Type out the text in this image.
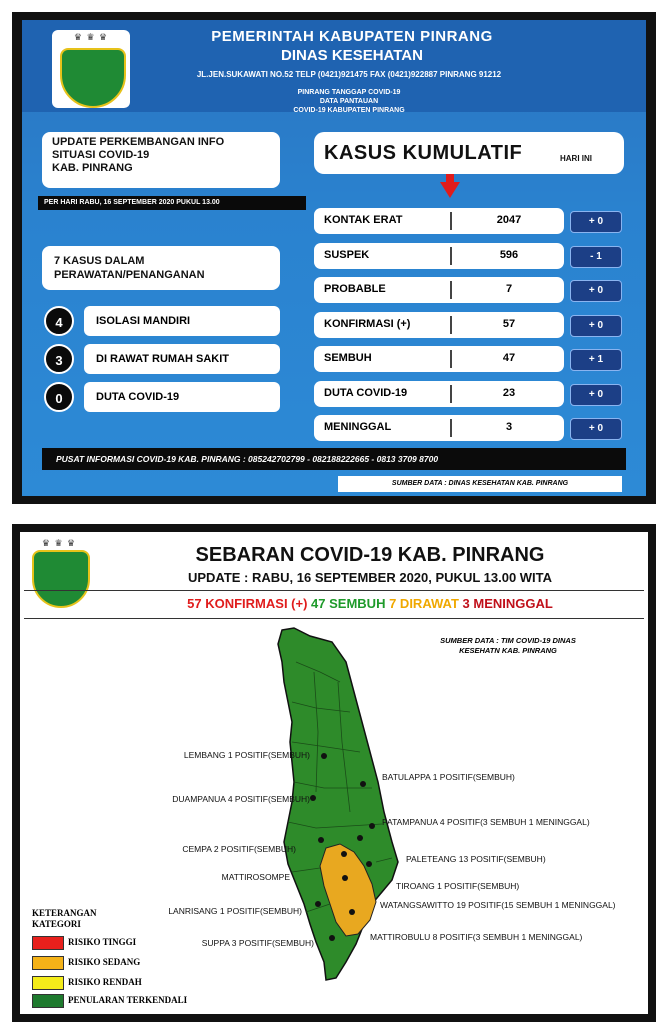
♛ ♛ ♛	PEMERINTAH KABUPATEN PINRANG
DINAS KESEHATAN
JL.JEN.SUKAWATI NO.52 TELP (0421)921475 FAX (0421)922887 PINRANG 91212
PINRANG TANGGAP COVID-19
DATA PANTAUAN
COVID-19 KABUPATEN PINRANG
UPDATE PERKEMBANGAN INFO
SITUASI COVID-19
KAB. PINRANG
PER HARI RABU, 16 SEPTEMBER 2020 PUKUL 13.00
KASUS KUMULATIF	HARI INI
KONTAK ERAT	2047	+ 0
SUSPEK	596	- 1
PROBABLE	7	+ 0
KONFIRMASI (+)	57	+ 0
SEMBUH	47	+ 1
DUTA COVID-19	23	+ 0
MENINGGAL	3	+ 0
7 KASUS DALAM
PERAWATAN/PENANGANAN
4	ISOLASI MANDIRI
3	DI RAWAT RUMAH SAKIT
0	DUTA COVID-19
PUSAT INFORMASI COVID-19 KAB. PINRANG : 085242702799 - 082188222665 - 0813 3709 8700
SUMBER DATA : DINAS KESEHATAN KAB. PINRANG
♛ ♛ ♛
SEBARAN COVID-19 KAB. PINRANG
UPDATE : RABU, 16 SEPTEMBER 2020, PUKUL 13.00 WITA
57 KONFIRMASI (+) 47 SEMBUH 7 DIRAWAT 3 MENINGGAL
SUMBER DATA : TIM COVID-19 DINAS
KESEHATN KAB. PINRANG
LEMBANG 1 POSITIF(SEMBUH)
BATULAPPA 1 POSITIF(SEMBUH)
DUAMPANUA 4 POSITIF(SEMBUH)
PATAMPANUA 4 POSITIF(3 SEMBUH 1 MENINGGAL)
CEMPA 2 POSITIF(SEMBUH)
PALETEANG 13 POSITIF(SEMBUH)
MATTIROSOMPE
TIROANG 1 POSITIF(SEMBUH)
WATANGSAWITTO 19 POSITIF(15 SEMBUH 1 MENINGGAL)
LANRISANG 1 POSITIF(SEMBUH)
SUPPA 3 POSITIF(SEMBUH)
MATTIROBULU 8 POSITIF(3 SEMBUH 1 MENINGGAL)
KETERANGAN
KATEGORI
RISIKO TINGGI
RISIKO SEDANG
RISIKO RENDAH
PENULARAN TERKENDALI
